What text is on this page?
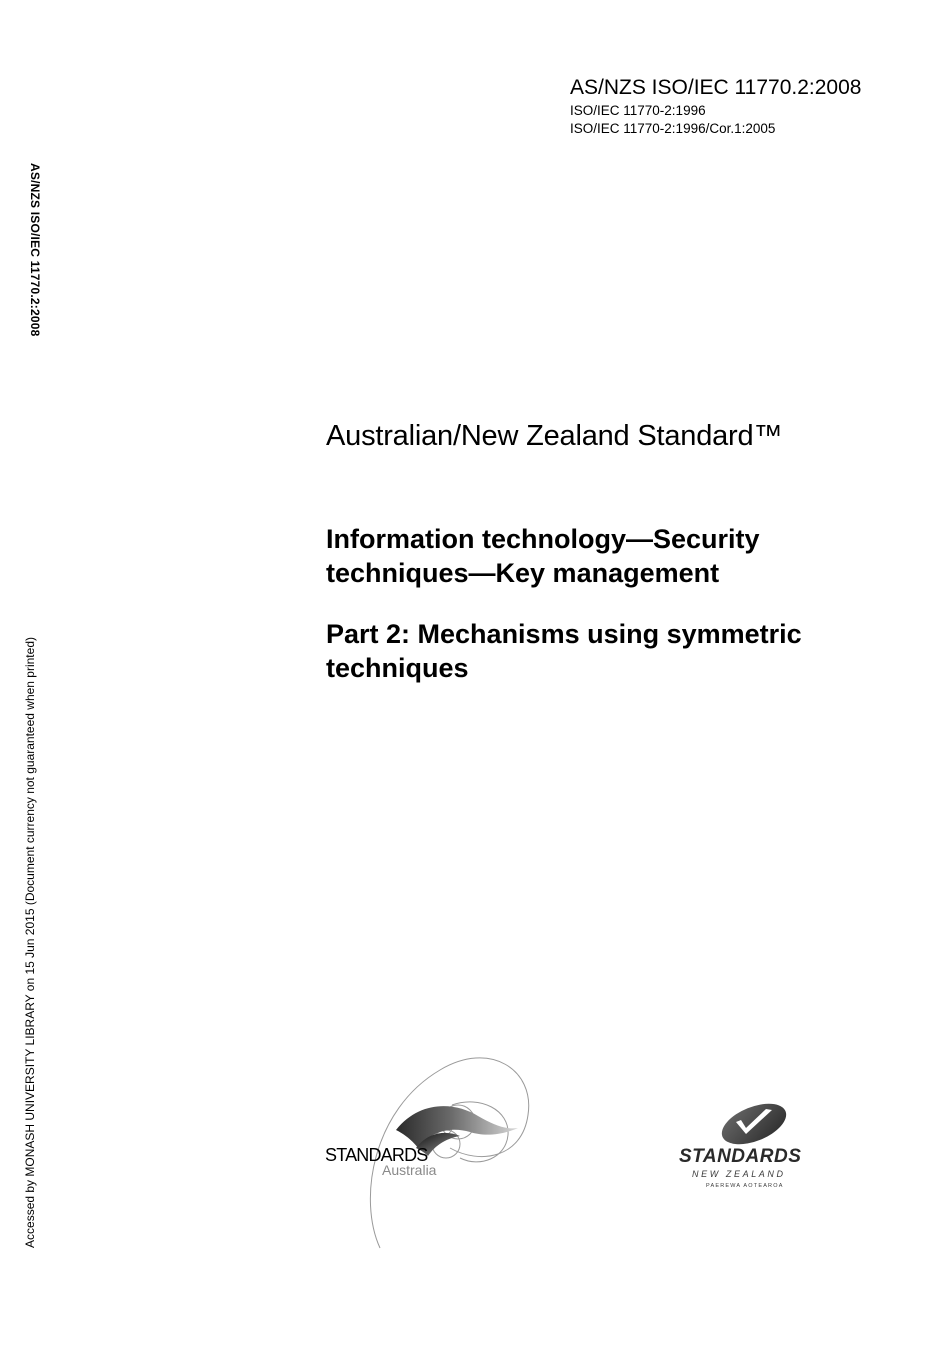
AS/NZS ISO/IEC 11770.2:2008
ISO/IEC 11770-2:1996
ISO/IEC 11770-2:1996/Cor.1:2005
AS/NZS ISO/IEC 11770.2:2008
Accessed by MONASH UNIVERSITY LIBRARY on 15 Jun 2015 (Document currency not guaranteed when printed)
Australian/New Zealand Standard™
Information technology—Security
techniques—Key management
Part 2: Mechanisms using symmetric
techniques
STANDARDS
Australia
STANDARDS
NEW ZEALAND
PAEREWA AOTEAROA
